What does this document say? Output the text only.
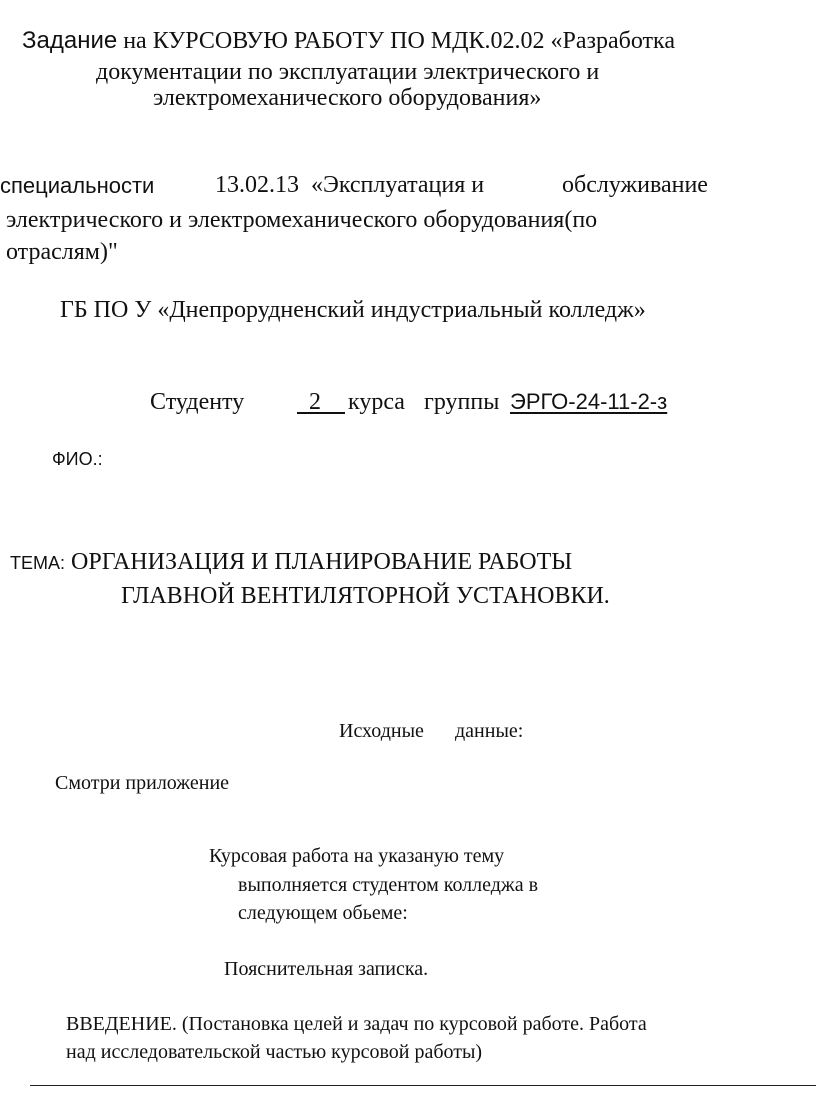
Задание на КУРСОВУЮ РАБОТУ ПО МДК.02.02 «Разработка
документации по эксплуатации электрического и
электромеханического оборудования»
специальности	13.02.13 «Эксплуатация и	обслуживание
электрического и электромеханического оборудования(по
отраслям)"
ГБ ПО У «Днепрорудненский индустриальный колледж»
Студенту	2	курса группы ЭРГО-24-11-2-з
ФИО.:
ТЕМА: ОРГАНИЗАЦИЯ И ПЛАНИРОВАНИЕ РАБОТЫ
ГЛАВНОЙ ВЕНТИЛЯТОРНОЙ УСТАНОВКИ.
Исходные данные:
Смотри приложение
Курсовая работа на указаную тему
выполняется студентом колледжа в
следующем обьеме:
Пояснительная записка.
ВВЕДЕНИЕ. (Постановка целей и задач по курсовой работе. Работа
над исследовательской частью курсовой работы)
